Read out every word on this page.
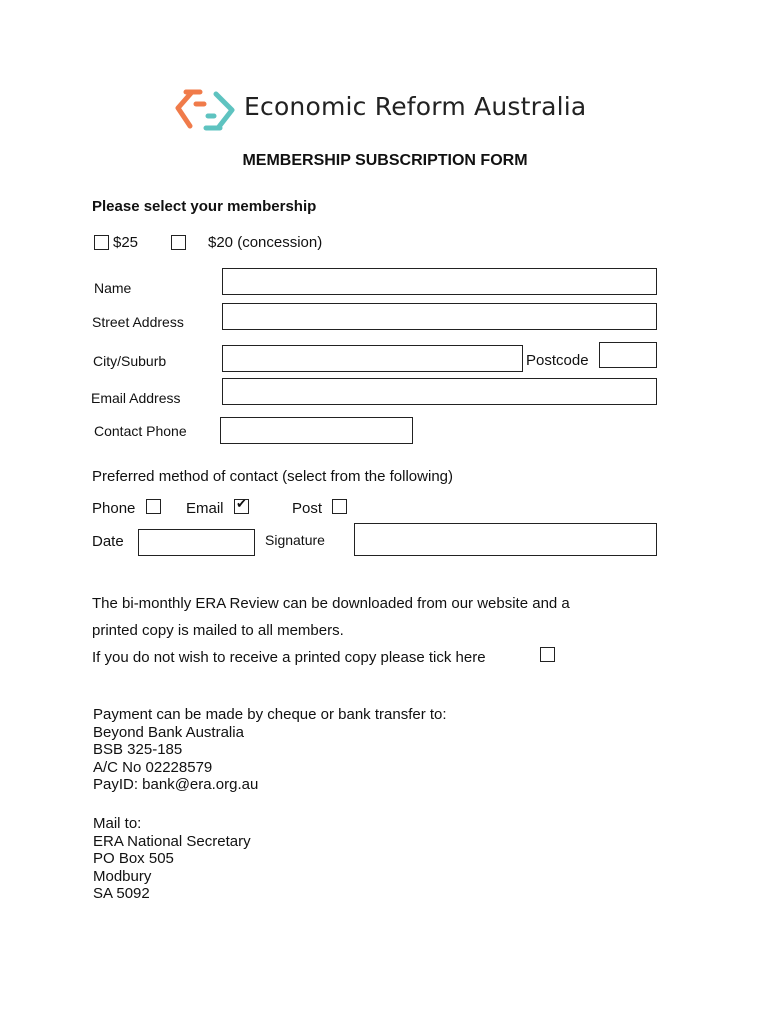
Economic Reform Australia
MEMBERSHIP SUBSCRIPTION FORM
Please select your membership
$25	$20 (concession)
Name
Street Address
City/Suburb	Postcode
Email Address
Contact Phone
Preferred method of contact (select from the following)
Phone	Email
✔	Post
Date	Signature
The bi-monthly ERA Review can be downloaded from our website and a
printed copy is mailed to all members.
If you do not wish to receive a printed copy please tick here
Payment can be made by cheque or bank transfer to:
Beyond Bank Australia
BSB 325-185
A/C No 02228579
PayID: bank@era.org.au
Mail to:
ERA National Secretary
PO Box 505
Modbury
SA 5092
